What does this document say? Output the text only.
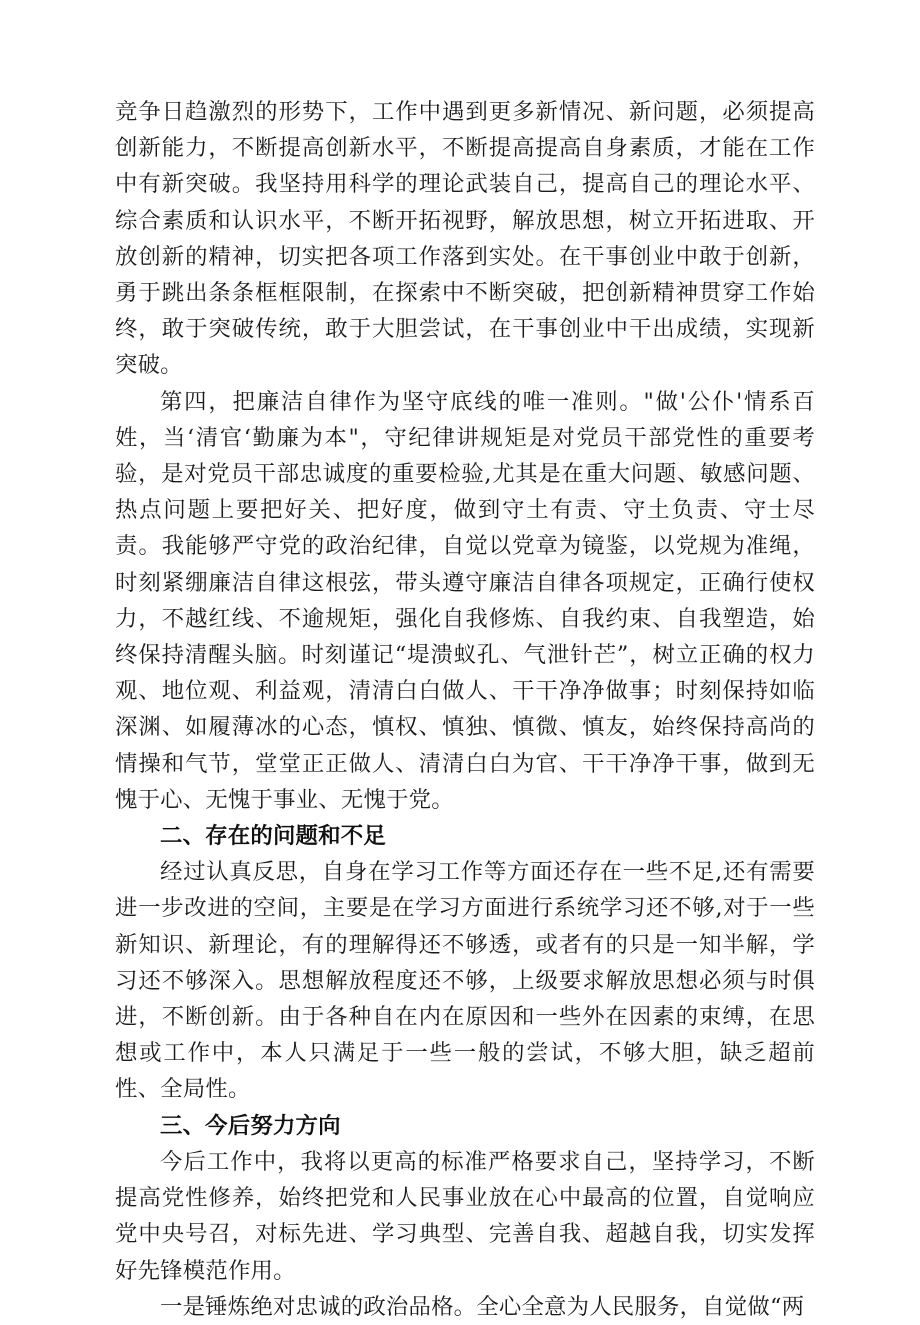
竞争日趋激烈的形势下，工作中遇到更多新情况、新问题，必须提高创新能力，不断提高创新水平，不断提高提高自身素质，才能在工作中有新突破。我坚持用科学的理论武装自己，提高自己的理论水平、综合素质和认识水平，不断开拓视野，解放思想，树立开拓进取、开放创新的精神，切实把各项工作落到实处。在干事创业中敢于创新，勇于跳出条条框框限制，在探索中不断突破，把创新精神贯穿工作始终，敢于突破传统，敢于大胆尝试，在干事创业中干出成绩，实现新突破。

第四，把廉洁自律作为坚守底线的唯一准则。"做'公仆'情系百姓，当‘清官‘勤廉为本"，守纪律讲规矩是对党员干部党性的重要考验，是对党员干部忠诚度的重要检验,尤其是在重大问题、敏感问题、热点问题上要把好关、把好度，做到守土有责、守土负责、守士尽责。我能够严守党的政治纪律，自觉以党章为镜鉴，以党规为准绳，时刻紧绷廉洁自律这根弦，带头遵守廉洁自律各项规定，正确行使权力，不越红线、不逾规矩，强化自我修炼、自我约束、自我塑造，始终保持清醒头脑。时刻谨记“堤溃蚁孔、气泄针芒”，树立正确的权力观、地位观、利益观，清清白白做人、干干净净做事；时刻保持如临深渊、如履薄冰的心态，慎权、慎独、慎微、慎友，始终保持高尚的情操和气节，堂堂正正做人、清清白白为官、干干净净干事，做到无愧于心、无愧于事业、无愧于党。

二、存在的问题和不足

经过认真反思，自身在学习工作等方面还存在一些不足,还有需要进一步改进的空间，主要是在学习方面进行系统学习还不够,对于一些新知识、新理论，有的理解得还不够透，或者有的只是一知半解，学习还不够深入。思想解放程度还不够，上级要求解放思想必须与时俱进，不断创新。由于各种自在内在原因和一些外在因素的束缚，在思想或工作中，本人只满足于一些一般的尝试，不够大胆，缺乏超前性、全局性。

三、今后努力方向

今后工作中，我将以更高的标准严格要求自己，坚持学习，不断提高党性修养，始终把党和人民事业放在心中最高的位置，自觉响应党中央号召，对标先进、学习典型、完善自我、超越自我，切实发挥好先锋模范作用。

一是锤炼绝对忠诚的政治品格。全心全意为人民服务，自觉做“两
